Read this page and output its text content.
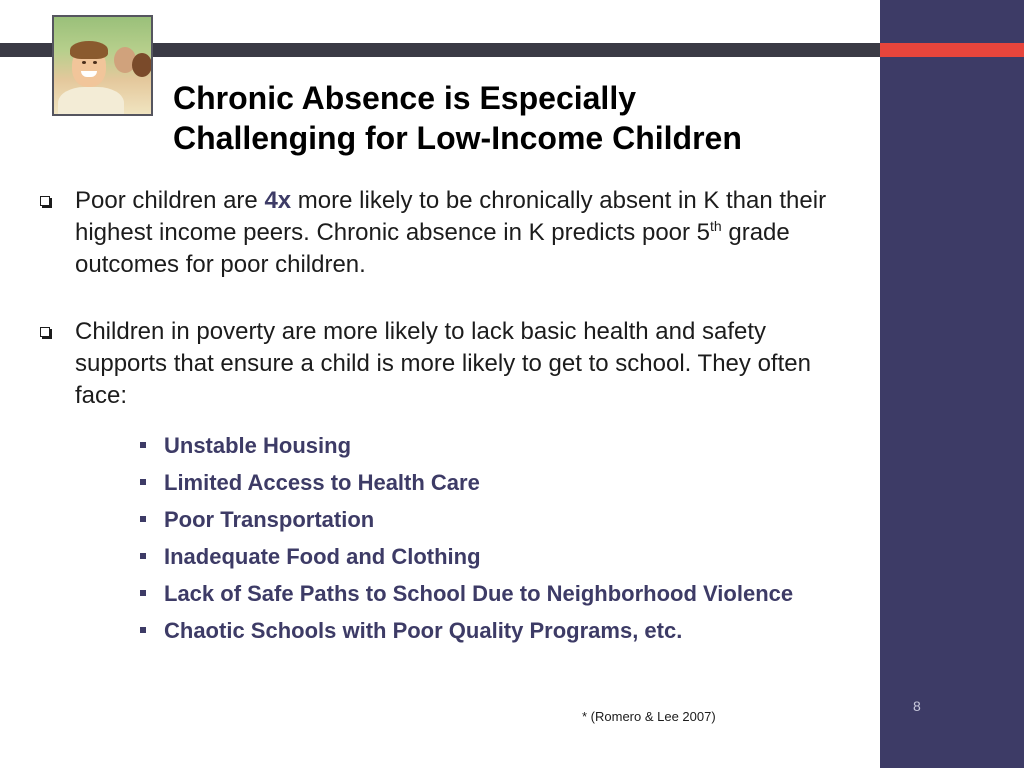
Chronic Absence is Especially
Challenging for Low-Income Children
Poor children are 4x more likely to be chronically absent in K than their highest income peers. Chronic absence in K predicts poor 5th grade outcomes for poor children.
Children in poverty are more likely to lack basic health and safety supports that ensure a child is more likely to get to school. They often face:
Unstable Housing
Limited Access to Health Care
Poor Transportation
Inadequate Food and Clothing
Lack of Safe Paths to School Due to Neighborhood Violence
Chaotic Schools with Poor Quality Programs, etc.
* (Romero & Lee 2007)
8
